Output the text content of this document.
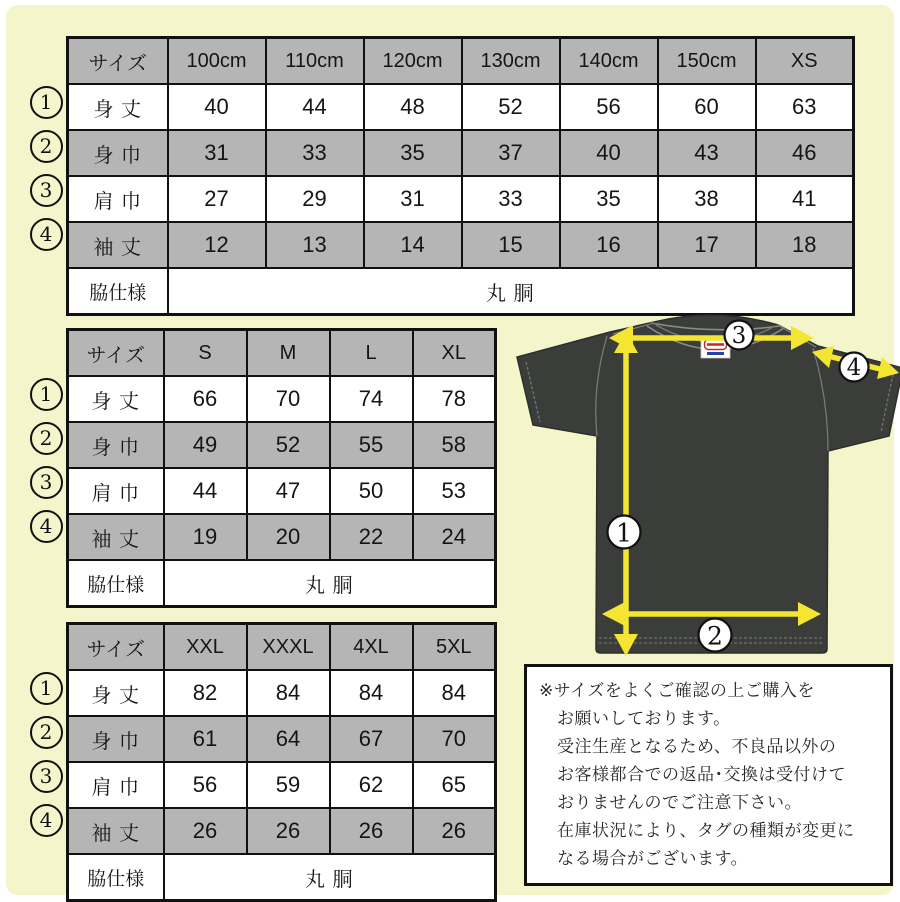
1
2
3
4
サイズ	100cm	110cm	120cm	130cm	140cm	150cm	XS
身 丈	40	44	48	52	56	60	63
身 巾	31	33	35	37	40	43	46
肩 巾	27	29	31	33	35	38	41
袖 丈	12	13	14	15	16	17	18
脇仕様	丸 胴						
1
2
3
4
サイズ	S	M	L	XL
身 丈	66	70	74	78
身 巾	49	52	55	58
肩 巾	44	47	50	53
袖 丈	19	20	22	24
脇仕様	丸 胴			
1
2
3
4
サイズ	XXL	XXXL	4XL	5XL
身 丈	82	84	84	84
身 巾	61	64	67	70
肩 巾	56	59	62	65
袖 丈	26	26	26	26
脇仕様	丸 胴			
1
2
3
4

※サイズをよくご確認の上ご購入を

お願いしております。

受注生産となるため、不良品以外の

お客様都合での返品･交換は受付けて

おりませんのでご注意下さい。

在庫状況により、タグの種類が変更に

なる場合がございます。
